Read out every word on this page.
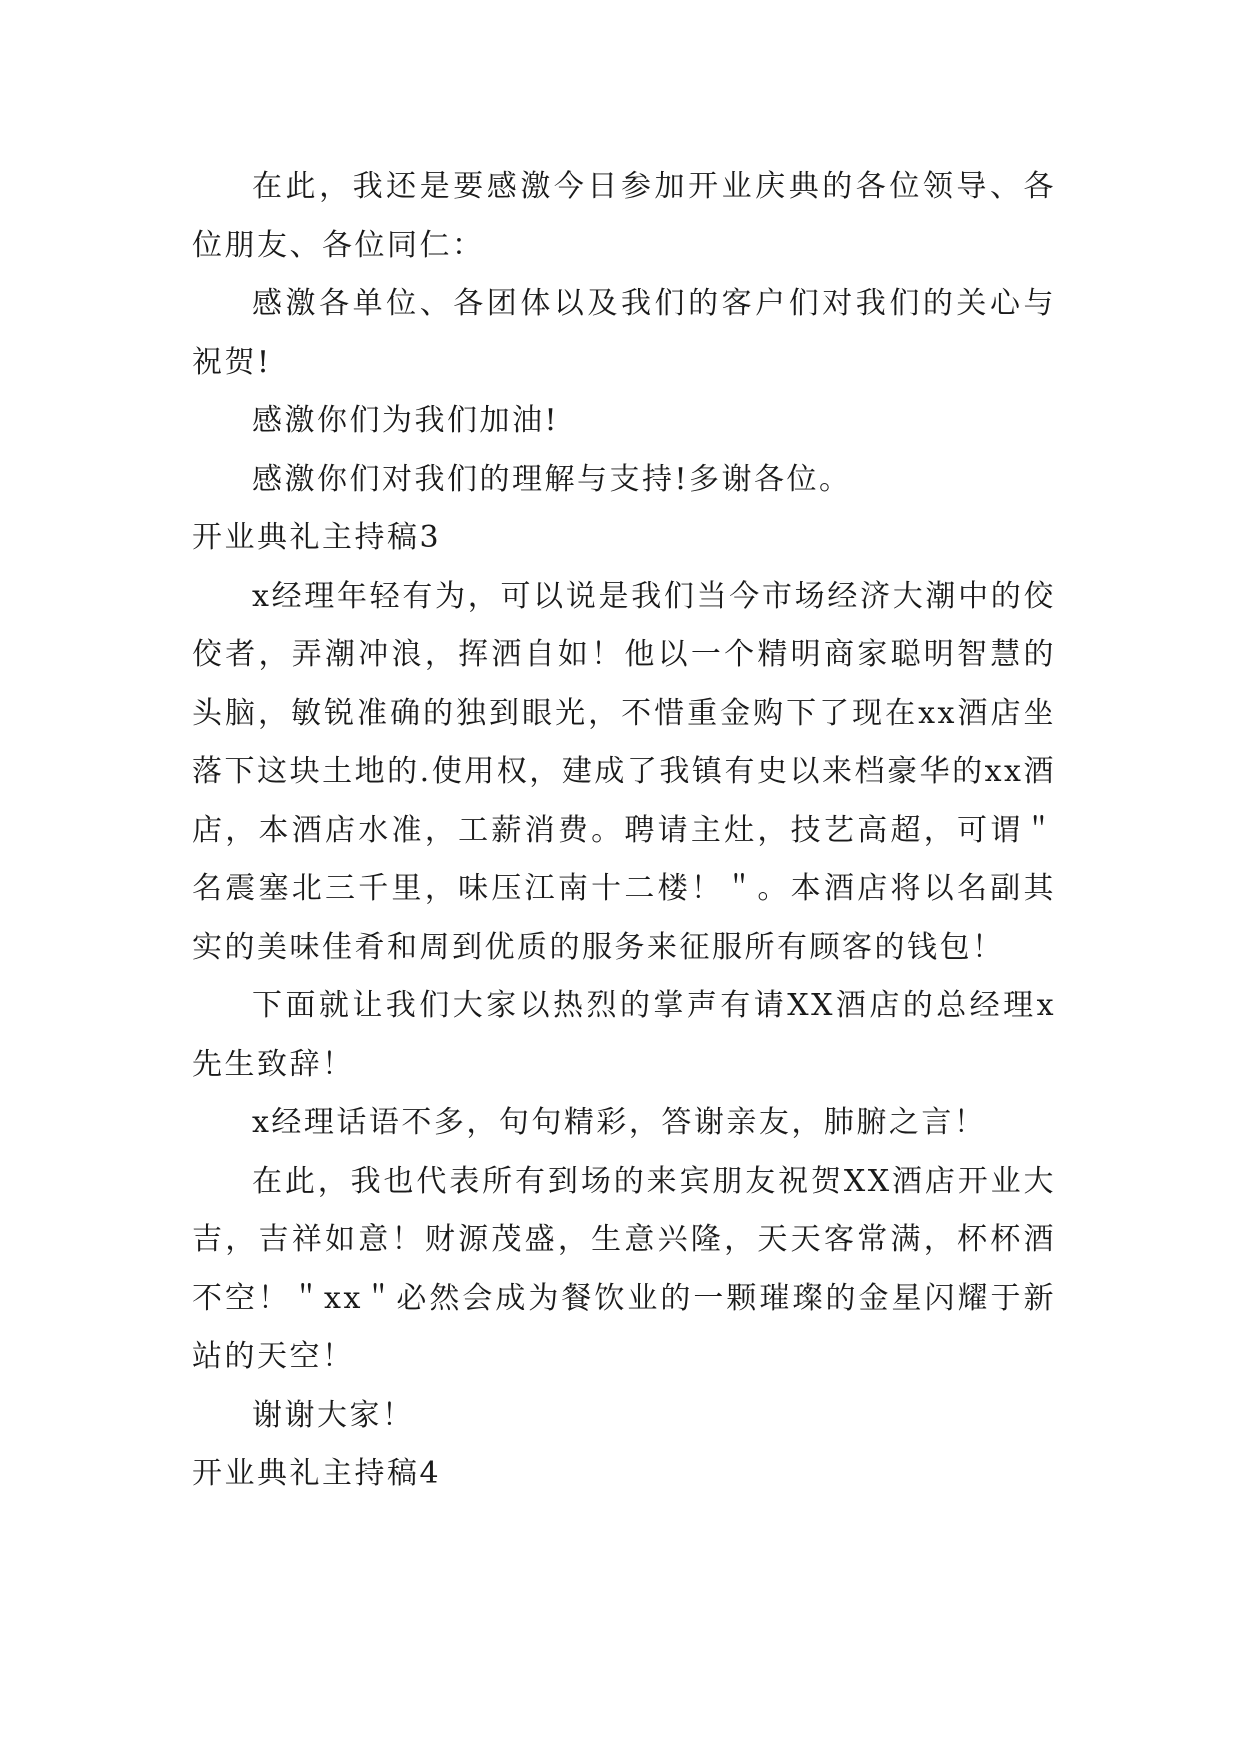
在此，我还是要感激今日参加开业庆典的各位领导、各位朋友、各位同仁：

感激各单位、各团体以及我们的客户们对我们的关心与祝贺!

感激你们为我们加油!

感激你们对我们的理解与支持!多谢各位。

开业典礼主持稿3

x经理年轻有为，可以说是我们当今市场经济大潮中的佼佼者，弄潮冲浪，挥洒自如！他以一个精明商家聪明智慧的头脑，敏锐准确的独到眼光，不惜重金购下了现在xx酒店坐落下这块土地的.使用权，建成了我镇有史以来档豪华的xx酒店，本酒店水准，工薪消费。聘请主灶，技艺高超，可谓＂名震塞北三千里，味压江南十二楼！＂。本酒店将以名副其实的美味佳肴和周到优质的服务来征服所有顾客的钱包！

下面就让我们大家以热烈的掌声有请XX酒店的总经理x先生致辞！

x经理话语不多，句句精彩，答谢亲友，肺腑之言！

在此，我也代表所有到场的来宾朋友祝贺XX酒店开业大吉，吉祥如意！财源茂盛，生意兴隆，天天客常满，杯杯酒不空！＂xx＂必然会成为餐饮业的一颗璀璨的金星闪耀于新站的天空！

谢谢大家！

开业典礼主持稿4
